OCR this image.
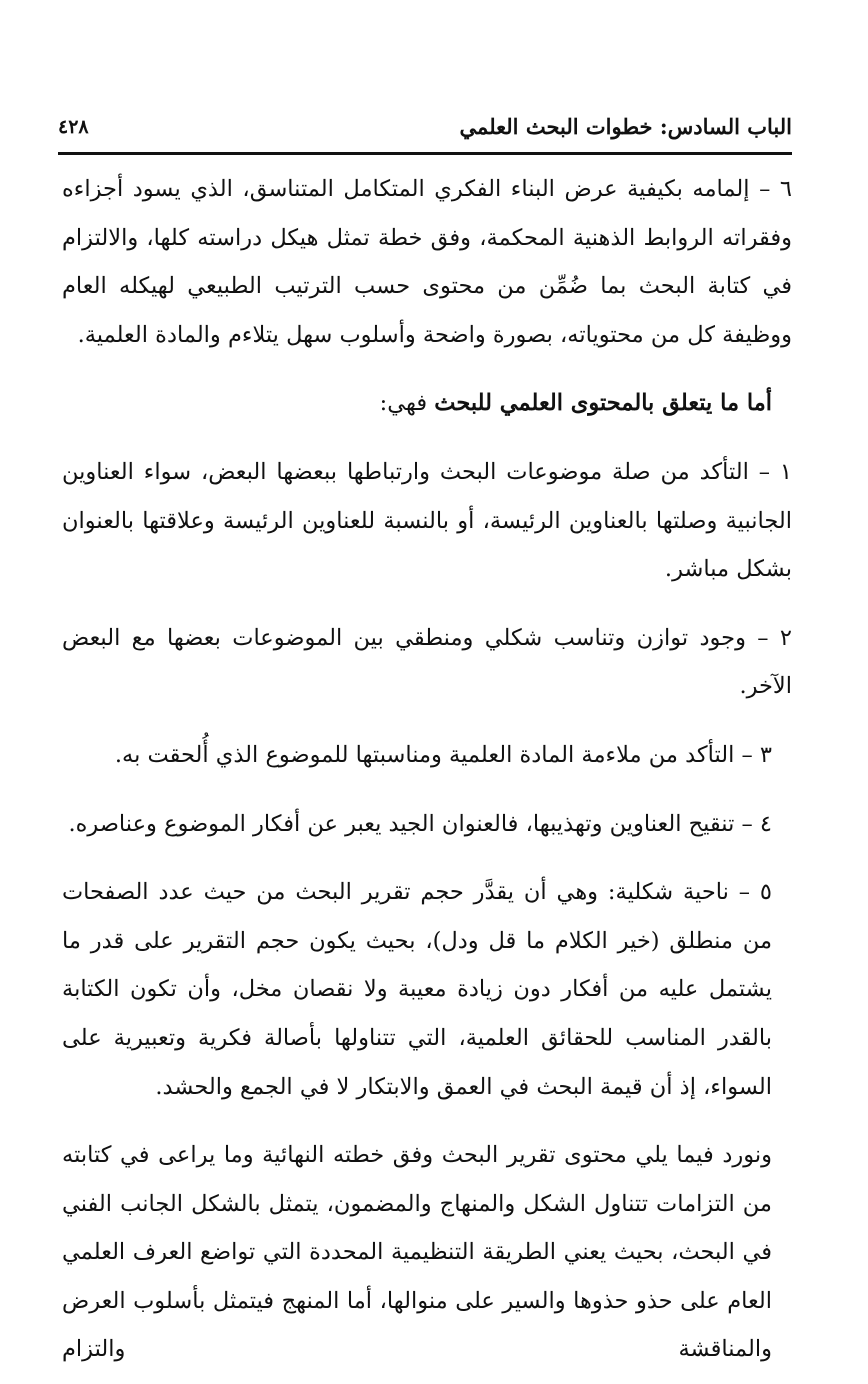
الباب السادس: خطوات البحث العلمي
٤٢٨

٦ – إلمامه بكيفية عرض البناء الفكري المتكامل المتناسق، الذي يسود أجزاءه وفقراته الروابط الذهنية المحكمة، وفق خطة تمثل هيكل دراسته كلها، والالتزام في كتابة البحث بما ضُمِّن من محتوى حسب الترتيب الطبيعي لهيكله العام ووظيفة كل من محتوياته، بصورة واضحة وأسلوب سهل يتلاءم والمادة العلمية.

أما ما يتعلق بالمحتوى العلمي للبحث فهي:

١ – التأكد من صلة موضوعات البحث وارتباطها ببعضها البعض، سواء العناوين الجانبية وصلتها بالعناوين الرئيسة، أو بالنسبة للعناوين الرئيسة وعلاقتها بالعنوان بشكل مباشر.

٢ – وجود توازن وتناسب شكلي ومنطقي بين الموضوعات بعضها مع البعض الآخر.

٣ – التأكد من ملاءمة المادة العلمية ومناسبتها للموضوع الذي أُلحقت به.

٤ – تنقيح العناوين وتهذيبها، فالعنوان الجيد يعبر عن أفكار الموضوع وعناصره.

٥ – ناحية شكلية: وهي أن يقدَّر حجم تقرير البحث من حيث عدد الصفحات من منطلق (خير الكلام ما قل ودل)، بحيث يكون حجم التقرير على قدر ما يشتمل عليه من أفكار دون زيادة معيبة ولا نقصان مخل، وأن تكون الكتابة بالقدر المناسب للحقائق العلمية، التي تتناولها بأصالة فكرية وتعبيرية على السواء، إذ أن قيمة البحث في العمق والابتكار لا في الجمع والحشد.

ونورد فيما يلي محتوى تقرير البحث وفق خطته النهائية وما يراعى في كتابته من التزامات تتناول الشكل والمنهاج والمضمون، يتمثل بالشكل الجانب الفني في البحث، بحيث يعني الطريقة التنظيمية المحددة التي تواضع العرف العلمي العام على حذو حذوها والسير على منوالها، أما المنهج فيتمثل بأسلوب العرض والمناقشة والتزام
